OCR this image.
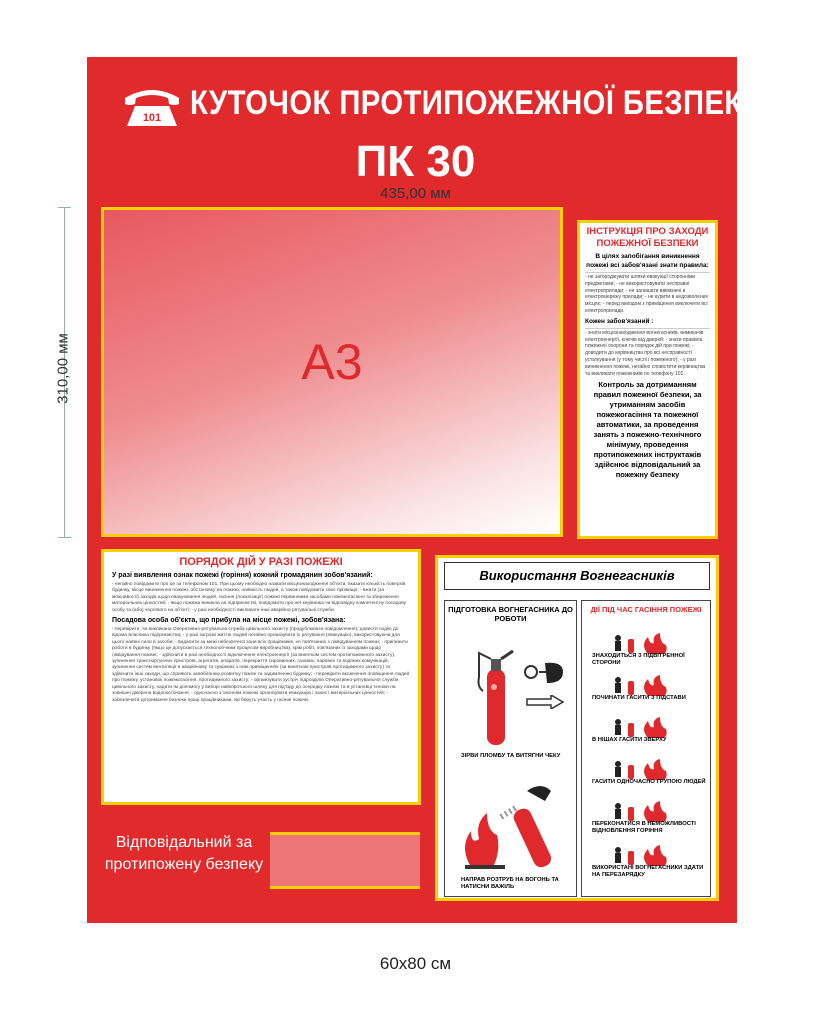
435,00 мм
310,00 мм
101 КУТОЧОК ПРОТИПОЖЕЖНОЇ БЕЗПЕКИ
ПК 30
А3
ІНСТРУКЦІЯ ПРО ЗАХОДИ ПОЖЕЖНОЇ БЕЗПЕКИ
В цілях запобігання виникнення пожежі всі забов'язані знати правила:
- не загороджувати шляхи евакуації сторонніми предметами; - не використовувати несправні електроприлади; - не залишати ввімкнені в електромережу прилади; - не курити в недозволених місцях; - перед виходом з приміщення виключити всі електроприлади.
Кожен забов'язаний :
- знати місцезнаходження вогнегасників, вимикачів електроенергії, ключів від дверей; - знати правила пожежної охорони та порядок дій при пожежі; - доводити до керівництва про всі несправності устаткування (у тому числі і пожежного); - у разі виникнення пожежі, негайно сповістити керівництва та викликати пожежників по телефону 101.
Контроль за дотриманням правил пожежної безпеки, за утриманням засобів пожежогасіння та пожежної автоматики, за проведення занять з пожежно-технічного мінімуму, проведення протипожежних інструктажів здійснює відповідальний за пожежну безпеку
ПОРЯДОК ДІЙ У РАЗІ ПОЖЕЖІ
У разі виявлення ознак пожежі (горіння) кожний громадянин зобов'язаний:
- негайно повідомити про це за телефоном 101. При цьому необхідно назвати місцезнаходження об'єкта, вказати кількість поверхів будинку, місце виникнення пожежі, обстановку на пожежі, наявність людей, а також повідомити своє прізвище; - вжити (за можливості) заходів щодо евакуювання людей, гасіння (локалізації) пожежі первинними засобами пожежогасіння та збереження матеріальних цінностей; - якщо пожежа виникла на підприємстві, повідомити про неї керівника чи відповідну компетентну посадову особу та (або) чергового на об'єкті; - у разі необхідності викликати інші аварійно-рятувальні служби.
Посадова особа об'єкта, що прибула на місце пожежі, зобов'язана:
- перевірити, чи викликана Оперативно-рятувальна служба цивільного захисту (продублювати повідомлення); довести подію до відома власника підприємства; - у разі загрози життю людей негайно організувати їх рятування (евакуацію), використовуючи для цього наявні сили й засоби; - видалити за межі небезпечної зони всіх працівників, не пов'язаних з ліквідуванням пожежі; - припинити роботи в будинку (якщо це допускається технологічним процесом виробництва), крім робіт, пов'язаних із заходами щодо ліквідування пожежі; - здійснити в разі необхідності відключення електроенергії (за винятком систем протипожежного захисту), зупинення транспортуючих пристроїв, агрегатів, апаратів, перекриття сировинних, газових, парових та водяних комунікацій, зупинення систем вентиляції в аварійному та суміжних з ним приміщеннях (за винятком пристроїв протидимного захисту) та здійснити інші заходи, що сприяють запобіганню розвитку пожеж та задимленню будинку; - перевірити включення оповіщення людей про пожежу, установок пожежогасіння, протидимного захисту; - організувати зустріч підрозділів Оперативно-рятувальної служби цивільного захисту, надати їм допомогу у виборі найкоротшого шляху для під'їзду до осередку пожежі та в установці техніки на зовнішні джерела водопостачання; - одночасно з гасінням пожежі організувати евакуацію і захист матеріальних цінностей; - забезпечити дотримання безпеки праці працівниками, які беруть участь у гасінні пожежі.
Використання Вогнегасників
ПІДГОТОВКА ВОГНЕГАСНИКА ДО РОБОТИ
ЗІРВИ ПЛОМБУ ТА ВИТЯГНИ ЧЕКУ
НАПРАВ РОЗТРУБ НА ВОГОНЬ ТА НАТИСНИ ВАЖІЛЬ
ДІЇ ПІД ЧАС ГАСІННЯ ПОЖЕЖІ
ЗНАХОДИТЬСЯ З ПІДВІТРЕННОЇ СТОРОНИ
ПОЧИНАТИ ГАСИТИ З ПІДСТАВИ
В НІШАХ ГАСИТИ ЗВЕРХУ
ГАСИТИ ОДНОЧАСНО ГРУПОЮ ЛЮДЕЙ
ПЕРЕКОНАТИСЯ В НЕМОЖЛИВОСТІ ВІДНОВЛЕННЯ ГОРІННЯ
ВИКОРИСТАНІ ВОГНЕГАСНИКИ ЗДАТИ НА ПЕРЕЗАРЯДКУ
Відповідальний за протипожену безпеку
60x80 см
